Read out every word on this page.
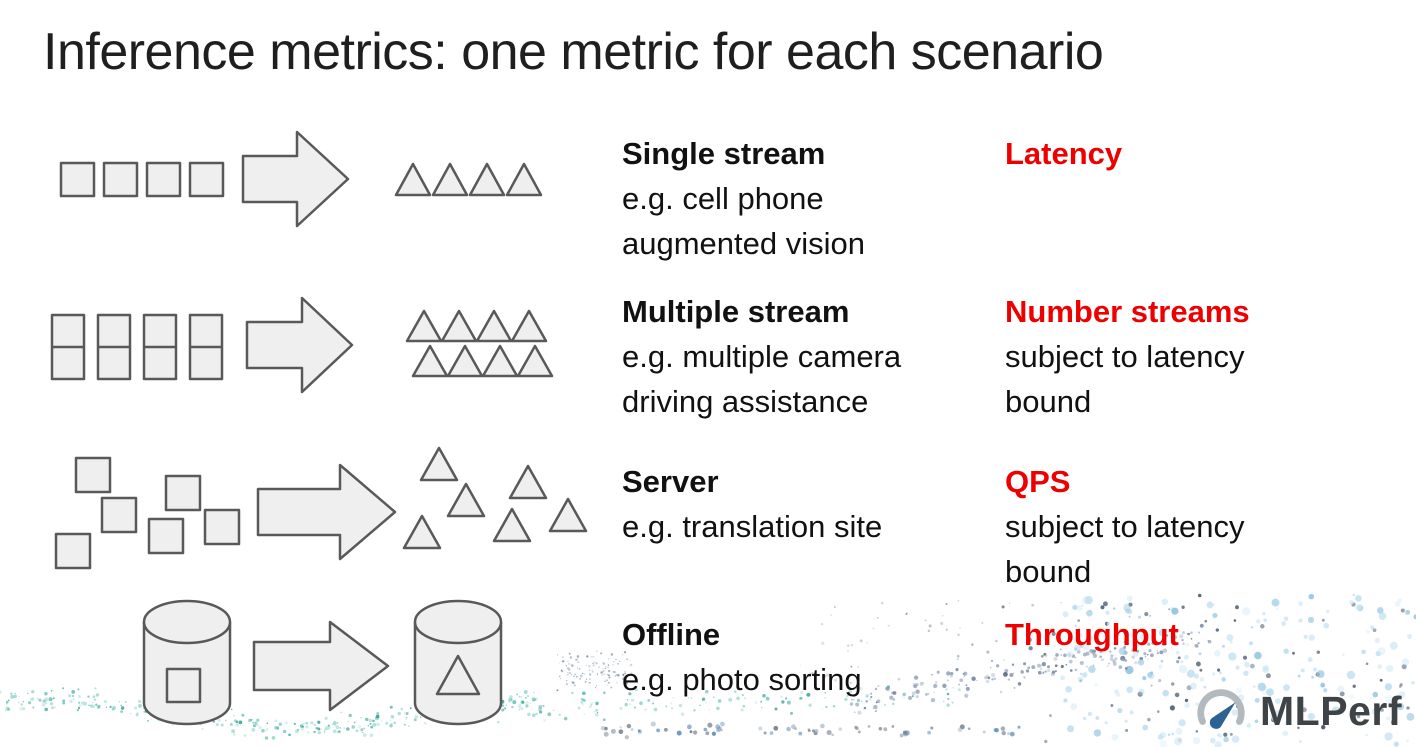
Inference metrics: one metric for each scenario
Single stream
e.g. cell phone
augmented vision
Latency
Multiple stream
e.g. multiple camera
driving assistance
Number streams
subject to latency
bound
Server
e.g. translation site
QPS
subject to latency
bound
Offline
e.g. photo sorting
Throughput
MLPerf
